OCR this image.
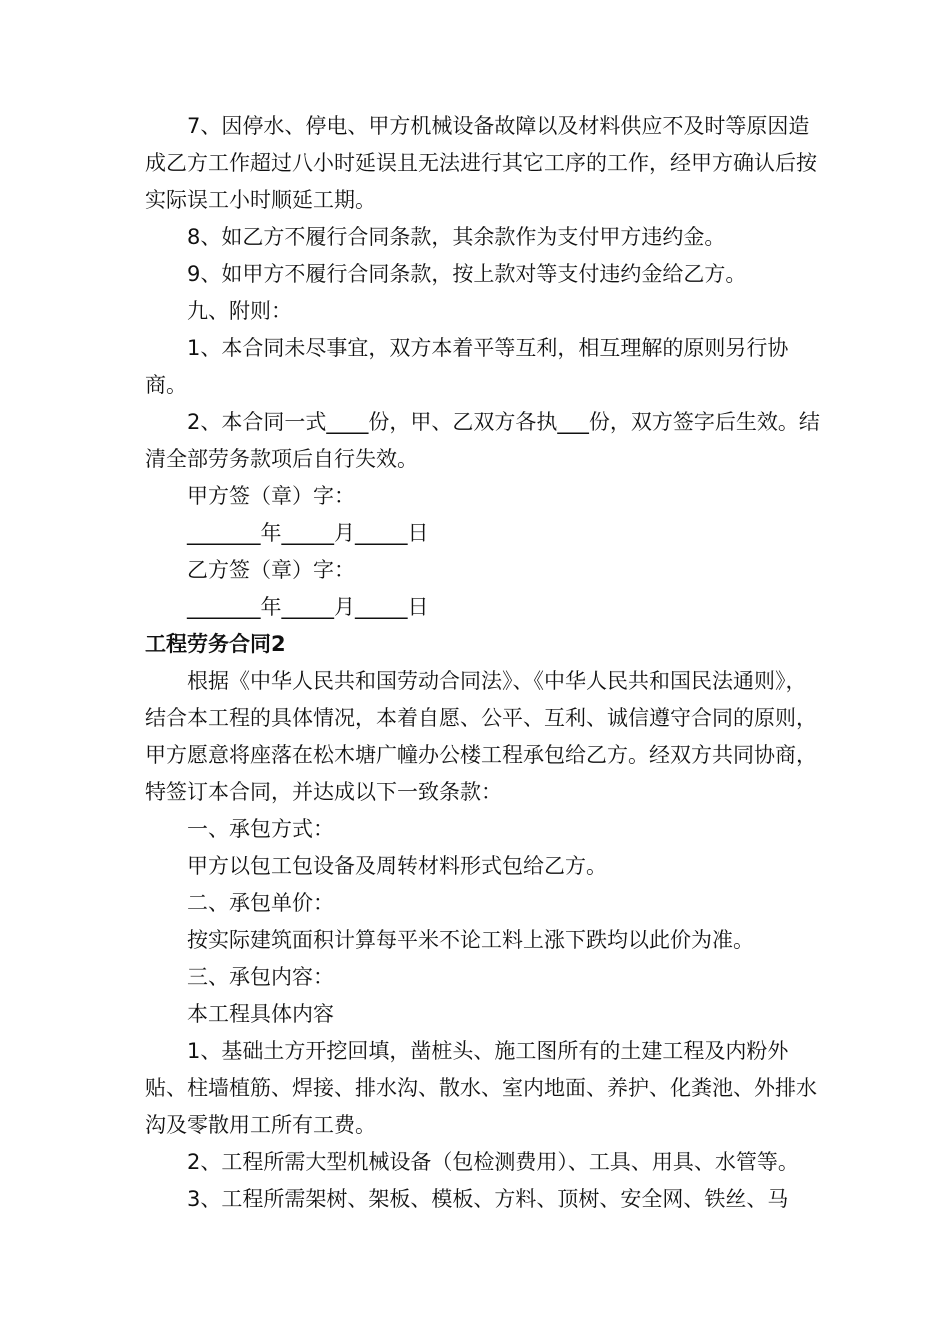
7、因停水、停电、甲方机械设备故障以及材料供应不及时等原因造成乙方工作超过八小时延误且无法进行其它工序的工作，经甲方确认后按实际误工小时顺延工期。

8、如乙方不履行合同条款，其余款作为支付甲方违约金。

9、如甲方不履行合同条款，按上款对等支付违约金给乙方。

九、附则：

1、本合同未尽事宜，双方本着平等互利，相互理解的原则另行协商。

2、本合同一式____份，甲、乙双方各执___份，双方签字后生效。结清全部劳务款项后自行失效。

甲方签（章）字：

_______年_____月_____日

乙方签（章）字：

_______年_____月_____日

工程劳务合同2

根据《中华人民共和国劳动合同法》、《中华人民共和国民法通则》，结合本工程的具体情况，本着自愿、公平、互利、诚信遵守合同的原则，甲方愿意将座落在松木塘广幢办公楼工程承包给乙方。经双方共同协商，特签订本合同，并达成以下一致条款：

一、承包方式：

甲方以包工包设备及周转材料形式包给乙方。

二、承包单价：

按实际建筑面积计算每平米不论工料上涨下跌均以此价为准。

三、承包内容：

本工程具体内容

1、基础土方开挖回填，凿桩头、施工图所有的土建工程及内粉外贴、柱墙植筋、焊接、排水沟、散水、室内地面、养护、化粪池、外排水沟及零散用工所有工费。

2、工程所需大型机械设备（包检测费用）、工具、用具、水管等。

3、工程所需架树、架板、模板、方料、顶树、安全网、铁丝、马
